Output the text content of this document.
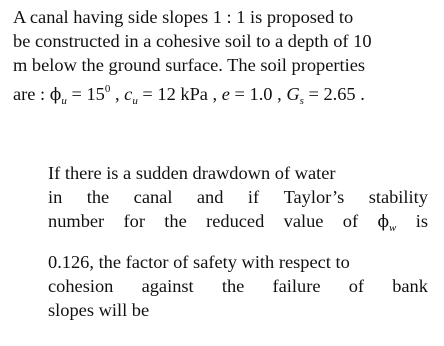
A canal having side slopes 1 : 1 is proposed to
be constructed in a cohesive soil to a depth of 10
m below the ground surface. The soil properties
are : $\phi_u = 15^0$ , $c_u = 12$ kPa , e = 1.0 , $G_s = 2.65$ .
If there is a sudden drawdown of water
in the canal and if Taylor’s stability
number for the reduced value of $\phi_w$ is
0.126, the factor of safety with respect to
cohesion against the failure of bank
slopes will be
